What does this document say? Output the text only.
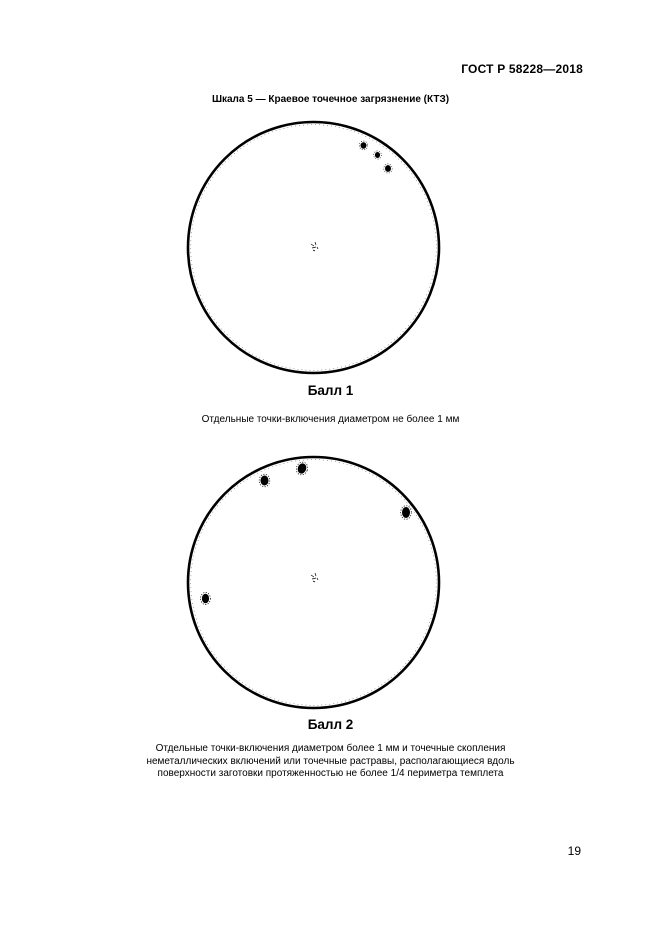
ГОСТ Р 58228—2018
Шкала 5 — Краевое точечное загрязнение (КТЗ)
Балл 1
Отдельные точки-включения диаметром не более 1 мм
Балл 2
Отдельные точки-включения диаметром более 1 мм и точечные скопления
неметаллических включений или точечные растравы, располагающиеся вдоль
поверхности заготовки протяженностью не более 1/4 периметра темплета
19
